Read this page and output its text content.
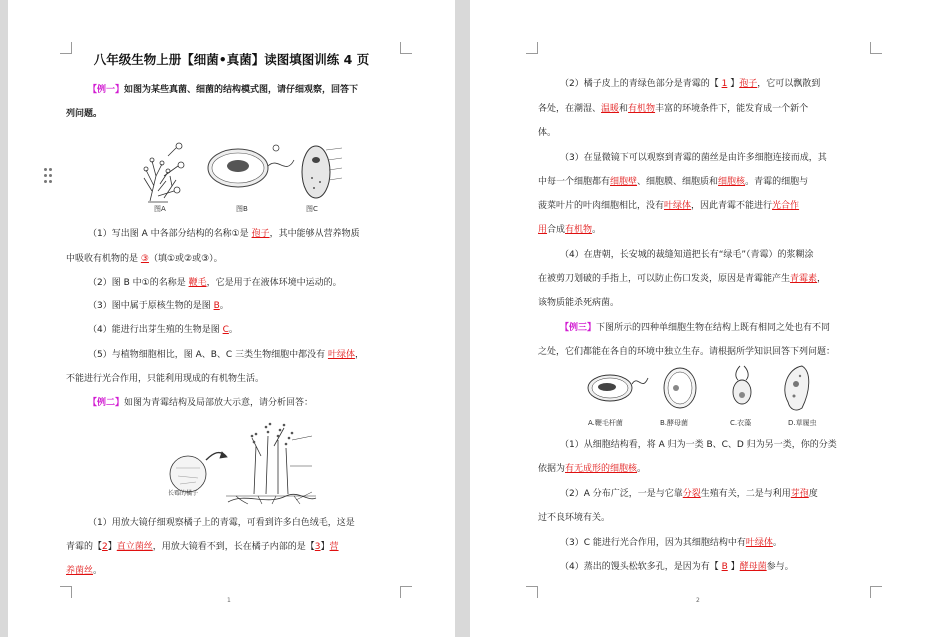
八年级生物上册【细菌•真菌】读图填图训练 4 页
【例一】如图为某些真菌、细菌的结构模式图，请仔细观察，回答下
列问题。
图A	图B	图C
（1）写出图 A 中各部分结构的名称①是 孢子，其中能够从营养物质
中吸收有机物的是 ③（填①或②或③）。
（2）图 B 中①的名称是 鞭毛，它是用于在液体环境中运动的。
（3）图中属于原核生物的是图 B。
（4）能进行出芽生殖的生物是图 C。
（5）与植物细胞相比，图 A、B、C 三类生物细胞中都没有 叶绿体，
不能进行光合作用，只能利用现成的有机物生活。
【例二】如图为青霉结构及局部放大示意，请分析回答：
长霉的橘子
（1）用放大镜仔细观察橘子上的青霉，可看到许多白色绒毛，这是
青霉的【2】直立菌丝，用放大镜看不到，长在橘子内部的是【3】营
养菌丝。
1
（2）橘子皮上的青绿色部分是青霉的【 1 】孢子，它可以飘散到
各处，在潮湿、温暖和有机物丰富的环境条件下，能发育成一个新个
体。
（3）在显微镜下可以观察到青霉的菌丝是由许多细胞连接而成，其
中每一个细胞都有细胞壁、细胞膜、细胞质和细胞核。青霉的细胞与
菠菜叶片的叶肉细胞相比，没有叶绿体，因此青霉不能进行光合作
用合成有机物。
（4）在唐朝，长安城的裁缝知道把长有“绿毛”（青霉）的浆糊涂
在被剪刀划破的手指上，可以防止伤口发炎，原因是青霉能产生青霉素，
该物质能杀死病菌。
【例三】下图所示的四种单细胞生物在结构上既有相同之处也有不同
之处，它们都能在各自的环境中独立生存。请根据所学知识回答下列问题：
A.鞭毛杆菌	B.酵母菌	C.衣藻	D.草履虫
（1）从细胞结构看，将 A 归为一类 B、C、D 归为另一类，你的分类
依据为有无成形的细胞核。
（2）A 分布广泛，一是与它靠分裂生殖有关，二是与利用芽孢度
过不良环境有关。
（3）C 能进行光合作用，因为其细胞结构中有叶绿体。
（4）蒸出的馒头松软多孔，是因为有【 B 】酵母菌参与。
2
